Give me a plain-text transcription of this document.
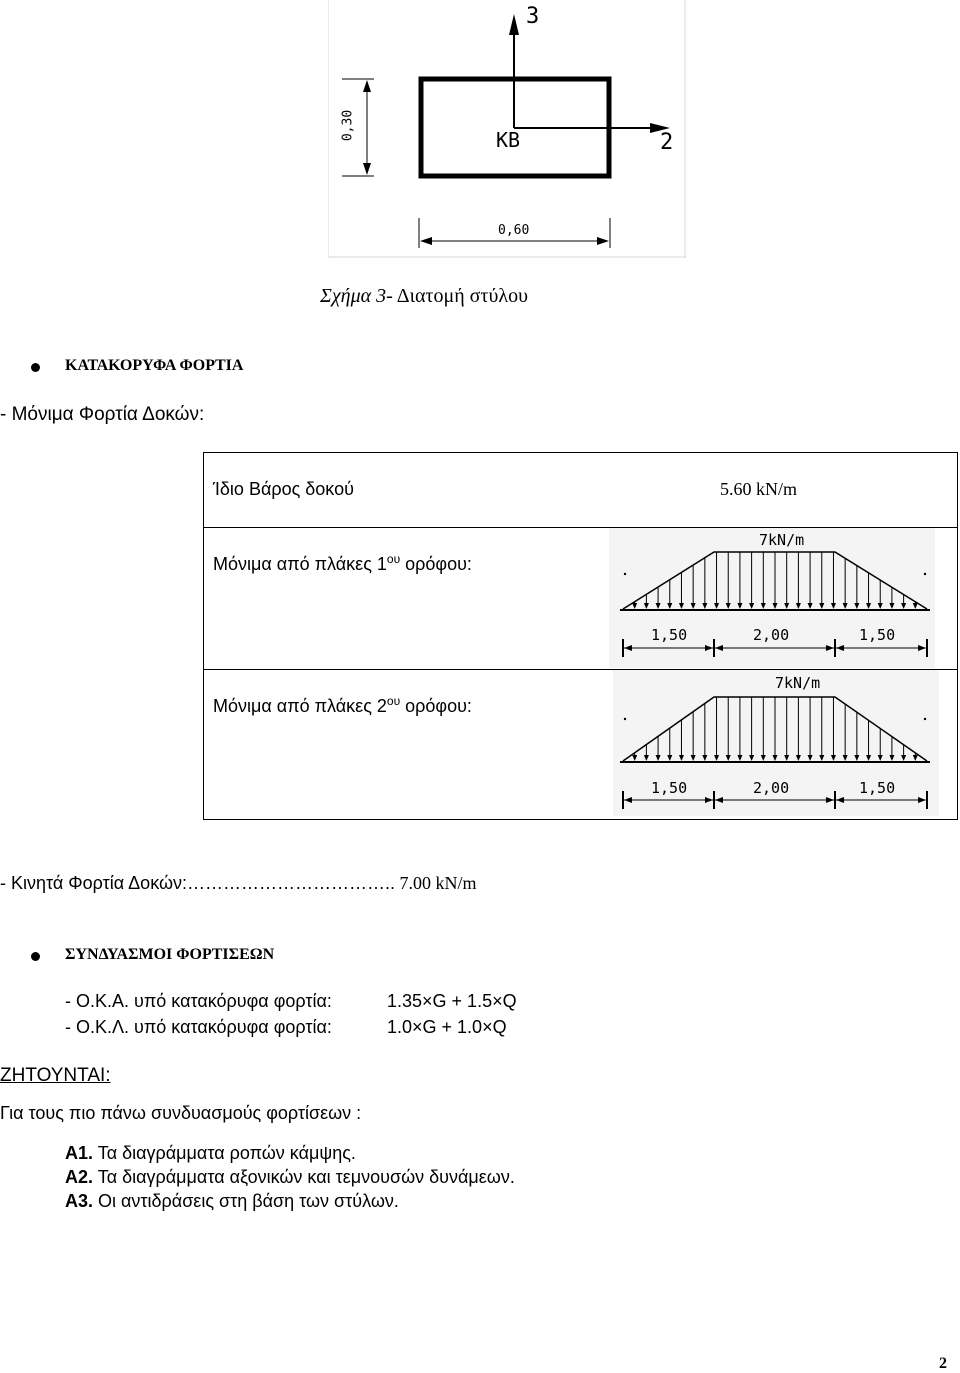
3
2
KB
0,30
0,60
Σχήμα 3- Διατομή στύλου
ΚΑΤΑΚΟΡΥΦΑ ΦΟΡΤΙΑ
- Μόνιμα Φορτία Δοκών:
Ίδιο Βάρος δοκού	5.60 kN/m
Μόνιμα από πλάκες $1^{o\upsilon}$ ορόφου:
7kN/m
1,50	2,00	1,50
Μόνιμα από πλάκες $2^{o\upsilon}$ ορόφου:
7kN/m
1,50	2,00	1,50
- Κινητά Φορτία Δοκών:…………………………….. 7.00 kN/m
ΣΥΝΔΥΑΣΜΟΙ ΦΟΡΤΙΣΕΩΝ
- Ο.Κ.Α. υπό κατακόρυφα φορτία:	1.35×G + 1.5×Q
- Ο.Κ.Λ. υπό κατακόρυφα φορτία:	1.0×G + 1.0×Q
ΖΗΤΟΥΝΤΑΙ:
Για τους πιο πάνω συνδυασμούς φορτίσεων :
Α1. Τα διαγράμματα ροπών κάμψης.
Α2. Τα διαγράμματα αξονικών και τεμνουσών δυνάμεων.
Α3. Οι αντιδράσεις στη βάση των στύλων.
2
